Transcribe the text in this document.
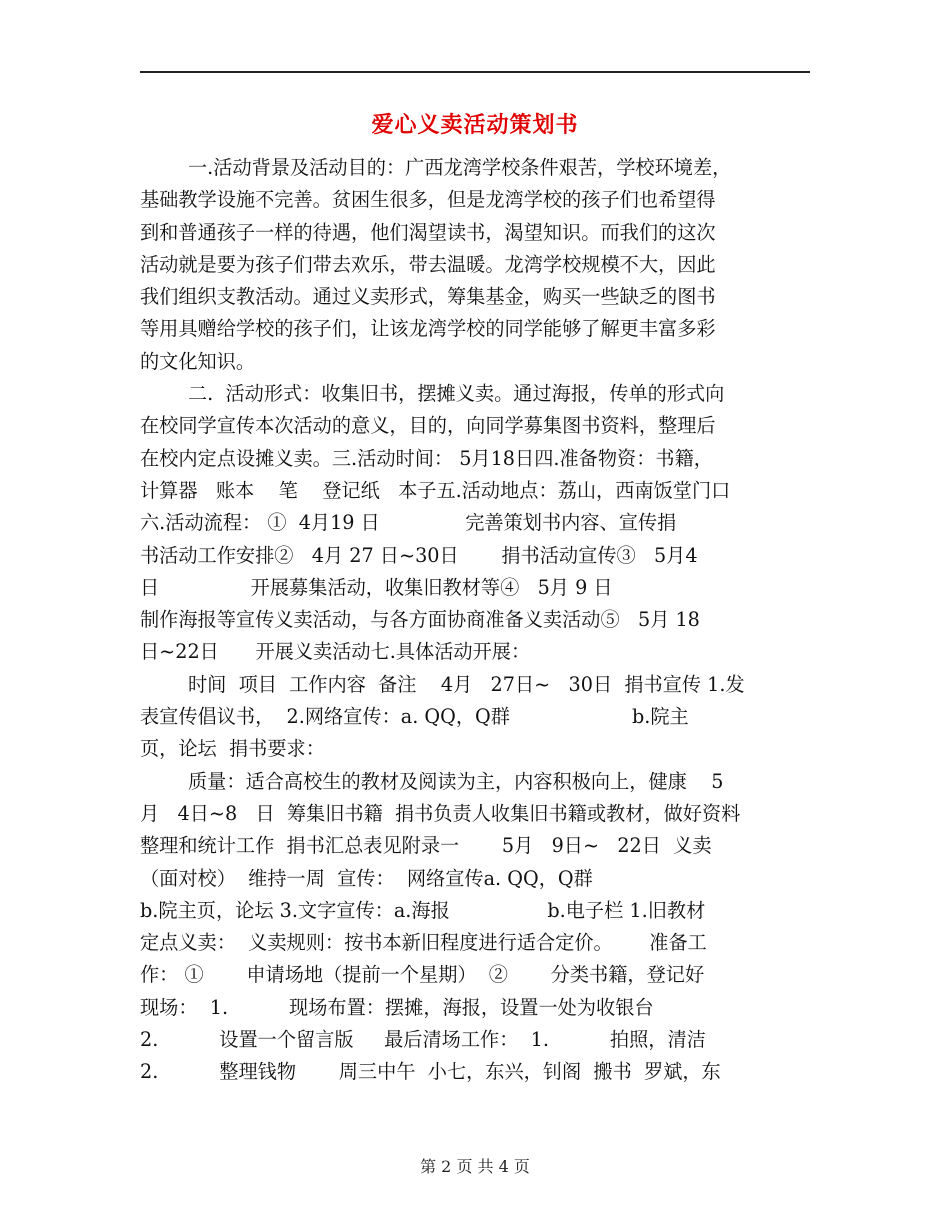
爱心义卖活动策划书
一.活动背景及活动目的：广西龙湾学校条件艰苦，学校环境差，
基础教学设施不完善。贫困生很多，但是龙湾学校的孩子们也希望得
到和普通孩子一样的待遇，他们渴望读书，渴望知识。而我们的这次
活动就是要为孩子们带去欢乐，带去温暖。龙湾学校规模不大，因此
我们组织支教活动。通过义卖形式，筹集基金，购买一些缺乏的图书
等用具赠给学校的孩子们，让该龙湾学校的同学能够了解更丰富多彩
的文化知识。
二.  活动形式：收集旧书，摆摊义卖。通过海报，传单的形式向
在校同学宣传本次活动的意义，目的，向同学募集图书资料，整理后
在校内定点设摊义卖。三.活动时间： 5月18日四.准备物资：书籍，
计算器   账本    笔    登记纸   本子五.活动地点：荔山，西南饭堂门口
六.活动流程： ①  4月19 日              完善策划书内容、宣传捐
书活动工作安排②   4月 27 日~30日       捐书活动宣传③   5月4
日               开展募集活动，收集旧教材等④   5月 9 日
制作海报等宣传义卖活动，与各方面协商准备义卖活动⑤   5月 18
日~22日      开展义卖活动七.具体活动开展：
时间  项目  工作内容  备注    4月   27日~   30日  捐书宣传 1.发
表宣传倡议书，  2.网络宣传：a. QQ，Q群                    b.院主
页，论坛  捐书要求：
质量：适合高校生的教材及阅读为主，内容积极向上，健康    5
月   4日~8   日  筹集旧书籍  捐书负责人收集旧书籍或教材，做好资料
整理和统计工作  捐书汇总表见附录一       5月   9日~   22日  义卖
（面对校）  维持一周  宣传：  网络宣传a. QQ，Q群
b.院主页，论坛 3.文字宣传：a.海报                b.电子栏 1.旧教材
定点义卖：  义卖规则：按书本新旧程度进行适合定价。      准备工
作： ①       申请场地（提前一个星期）  ②       分类书籍，登记好
现场：  1.          现场布置：摆摊，海报，设置一处为收银台
2.          设置一个留言版     最后清场工作：  1.          拍照，清洁
2.          整理钱物       周三中午  小七，东兴，钊阁  搬书  罗斌，东
第 2 页 共 4 页
